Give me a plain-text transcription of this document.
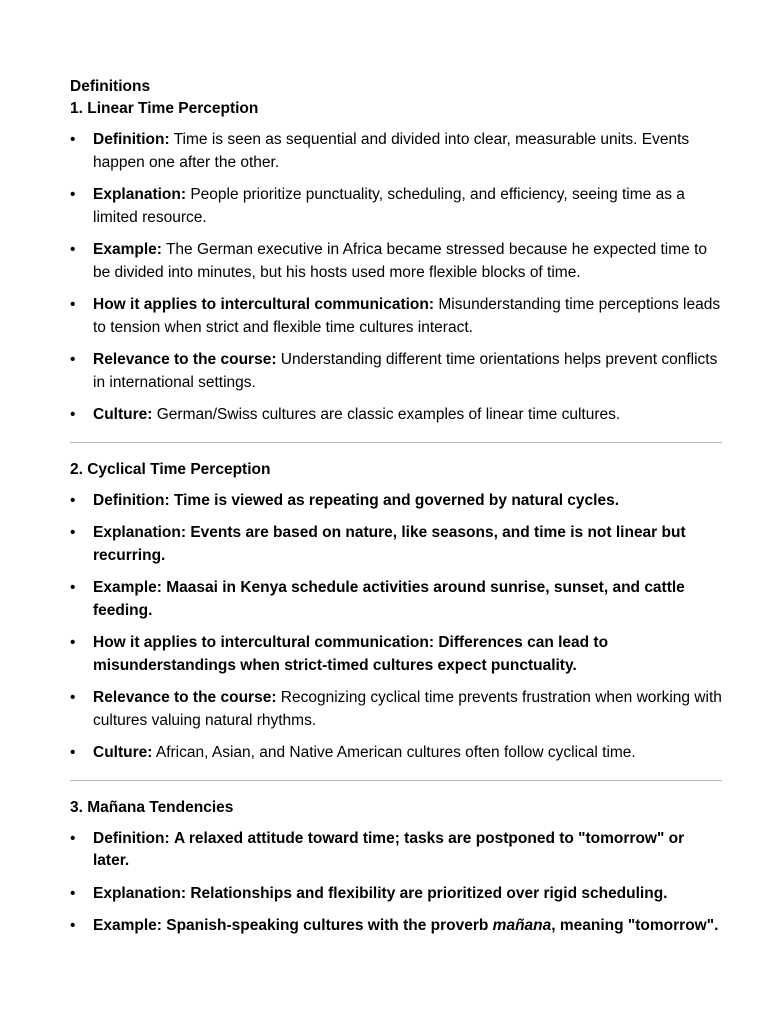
Definitions
1. Linear Time Perception
• Definition: Time is seen as sequential and divided into clear, measurable units. Events happen one after the other.
• Explanation: People prioritize punctuality, scheduling, and efficiency, seeing time as a limited resource.
• Example: The German executive in Africa became stressed because he expected time to be divided into minutes, but his hosts used more flexible blocks of time.
• How it applies to intercultural communication: Misunderstanding time perceptions leads to tension when strict and flexible time cultures interact.
• Relevance to the course: Understanding different time orientations helps prevent conflicts in international settings.
• Culture: German/Swiss cultures are classic examples of linear time cultures.
2. Cyclical Time Perception
• Definition: Time is viewed as repeating and governed by natural cycles.
• Explanation: Events are based on nature, like seasons, and time is not linear but recurring.
• Example: Maasai in Kenya schedule activities around sunrise, sunset, and cattle feeding.
• How it applies to intercultural communication: Differences can lead to misunderstandings when strict-timed cultures expect punctuality.
• Relevance to the course: Recognizing cyclical time prevents frustration when working with cultures valuing natural rhythms.
• Culture: African, Asian, and Native American cultures often follow cyclical time.
3. Mañana Tendencies
• Definition: A relaxed attitude toward time; tasks are postponed to "tomorrow" or later.
• Explanation: Relationships and flexibility are prioritized over rigid scheduling.
• Example: Spanish-speaking cultures with the proverb mañana, meaning "tomorrow".
